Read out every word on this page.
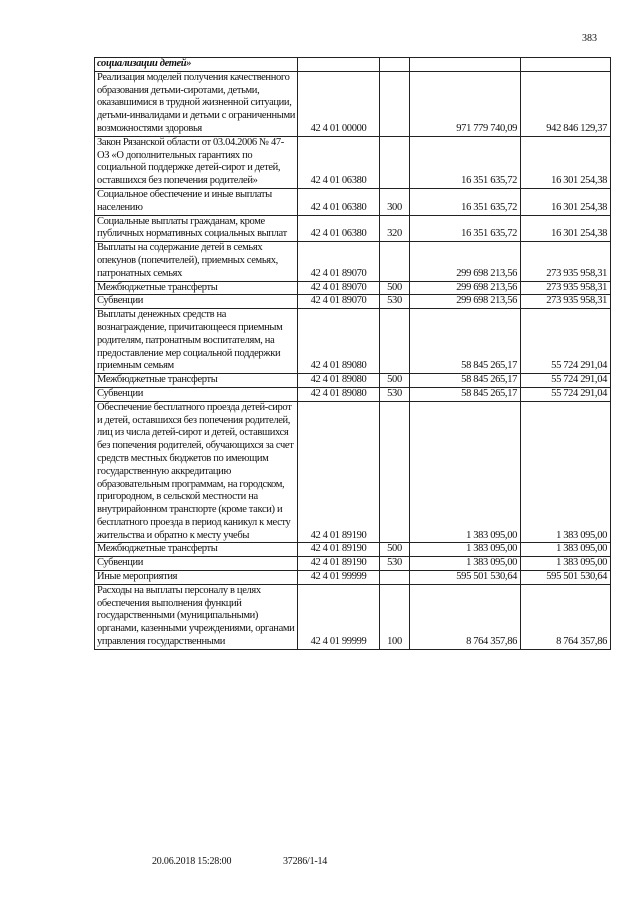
383
социализации детей»				
Реализация моделей получения качественного образования детьми-сиротами, детьми, оказавшимися в трудной жизненной ситуации, детьми-инвалидами и детьми с ограниченными возможностями здоровья	42 4 01 00000		971 779 740,09	942 846 129,37
Закон Рязанской области от 03.04.2006 № 47-ОЗ «О дополнительных гарантиях по социальной поддержке детей-сирот и детей, оставшихся без попечения родителей»	42 4 01 06380		16 351 635,72	16 301 254,38
Социальное обеспечение и иные выплаты населению	42 4 01 06380	300	16 351 635,72	16 301 254,38
Социальные выплаты гражданам, кроме публичных нормативных социальных выплат	42 4 01 06380	320	16 351 635,72	16 301 254,38
Выплаты на содержание детей в семьях опекунов (попечителей), приемных семьях, патронатных семьях	42 4 01 89070		299 698 213,56	273 935 958,31
Межбюджетные трансферты	42 4 01 89070	500	299 698 213,56	273 935 958,31
Субвенции	42 4 01 89070	530	299 698 213,56	273 935 958,31
Выплаты денежных средств на вознаграждение, причитающееся приемным родителям, патронатным воспитателям, на предоставление мер социальной поддержки приемным семьям	42 4 01 89080		58 845 265,17	55 724 291,04
Межбюджетные трансферты	42 4 01 89080	500	58 845 265,17	55 724 291,04
Субвенции	42 4 01 89080	530	58 845 265,17	55 724 291,04
Обеспечение бесплатного проезда детей-сирот и детей, оставшихся без попечения родителей, лиц из числа детей-сирот и детей, оставшихся без попечения родителей, обучающихся за счет средств местных бюджетов по имеющим государственную аккредитацию образовательным программам, на городском, пригородном, в сельской местности на внутрирайонном транспорте (кроме такси) и бесплатного проезда в период каникул к месту жительства и обратно к месту учебы	42 4 01 89190		1 383 095,00	1 383 095,00
Межбюджетные трансферты	42 4 01 89190	500	1 383 095,00	1 383 095,00
Субвенции	42 4 01 89190	530	1 383 095,00	1 383 095,00
Иные мероприятия	42 4 01 99999		595 501 530,64	595 501 530,64
Расходы на выплаты персоналу в целях обеспечения выполнения функций государственными (муниципальными) органами, казенными учреждениями, органами управления государственными	42 4 01 99999	100	8 764 357,86	8 764 357,86
20.06.2018 15:28:00	37286/1-14
